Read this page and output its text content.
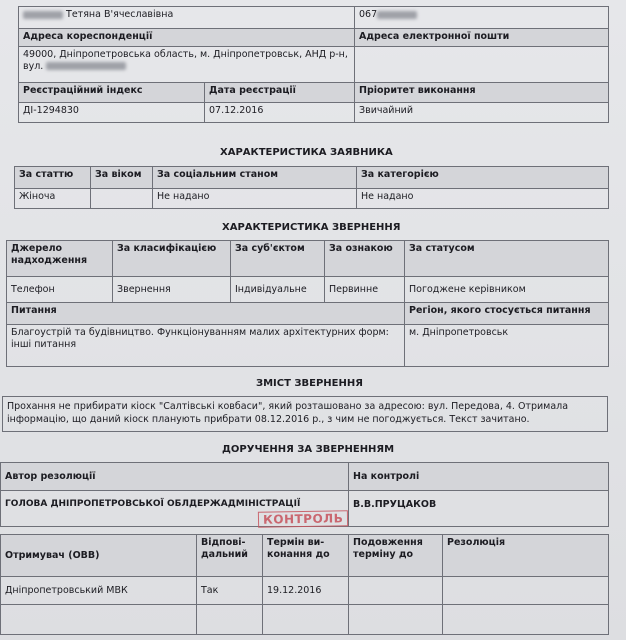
Тетяна В'ячеславівна		067
Адреса кореспонденції		Адреса електронної пошти
49000, Дніпропетровська область, м. Дніпропетровськ, АНД р-н, вул.		
Реєстраційний індекс	Дата реєстрації	Пріоритет виконання
ДІ-1294830	07.12.2016	Звичайний
ХАРАКТЕРИСТИКА ЗАЯВНИКА
За статтю	За віком	За соціальним станом	За категорією
Жіноча		Не надано	Не надано
ХАРАКТЕРИСТИКА ЗВЕРНЕННЯ
Джерело надходження	За класифікацією	За суб'єктом	За ознакою	За статусом
Телефон	Звернення	Індивідуальне	Первинне	Погоджене керівником
Питання				Регіон, якого стосується питання
Благоустрій та будівництво. Функціонуванням малих архітектурних форм: інші питання				м. Дніпропетровськ
ЗМІСТ ЗВЕРНЕННЯ
Прохання не прибирати кіоск "Салтівські ковбаси", який розташовано за адресою: вул. Передова, 4. Отримала інформацію, що даний кіоск планують прибрати 08.12.2016 р., з чим не погоджується. Текст зачитано.
ДОРУЧЕННЯ ЗА ЗВЕРНЕННЯМ
Автор резолюції	На контролі
ГОЛОВА ДНІПРОПЕТРОВСЬКОЇ ОБЛДЕРЖАДМІНІСТРАЦІЇ	В.В.ПРУЦАКОВ
КОНТРОЛЬ
Отримувач (ОВВ)	Відпові-дальний	Термін ви-конання до	Подовження терміну до	Резолюція
Дніпропетровський МВК	Так	19.12.2016		
